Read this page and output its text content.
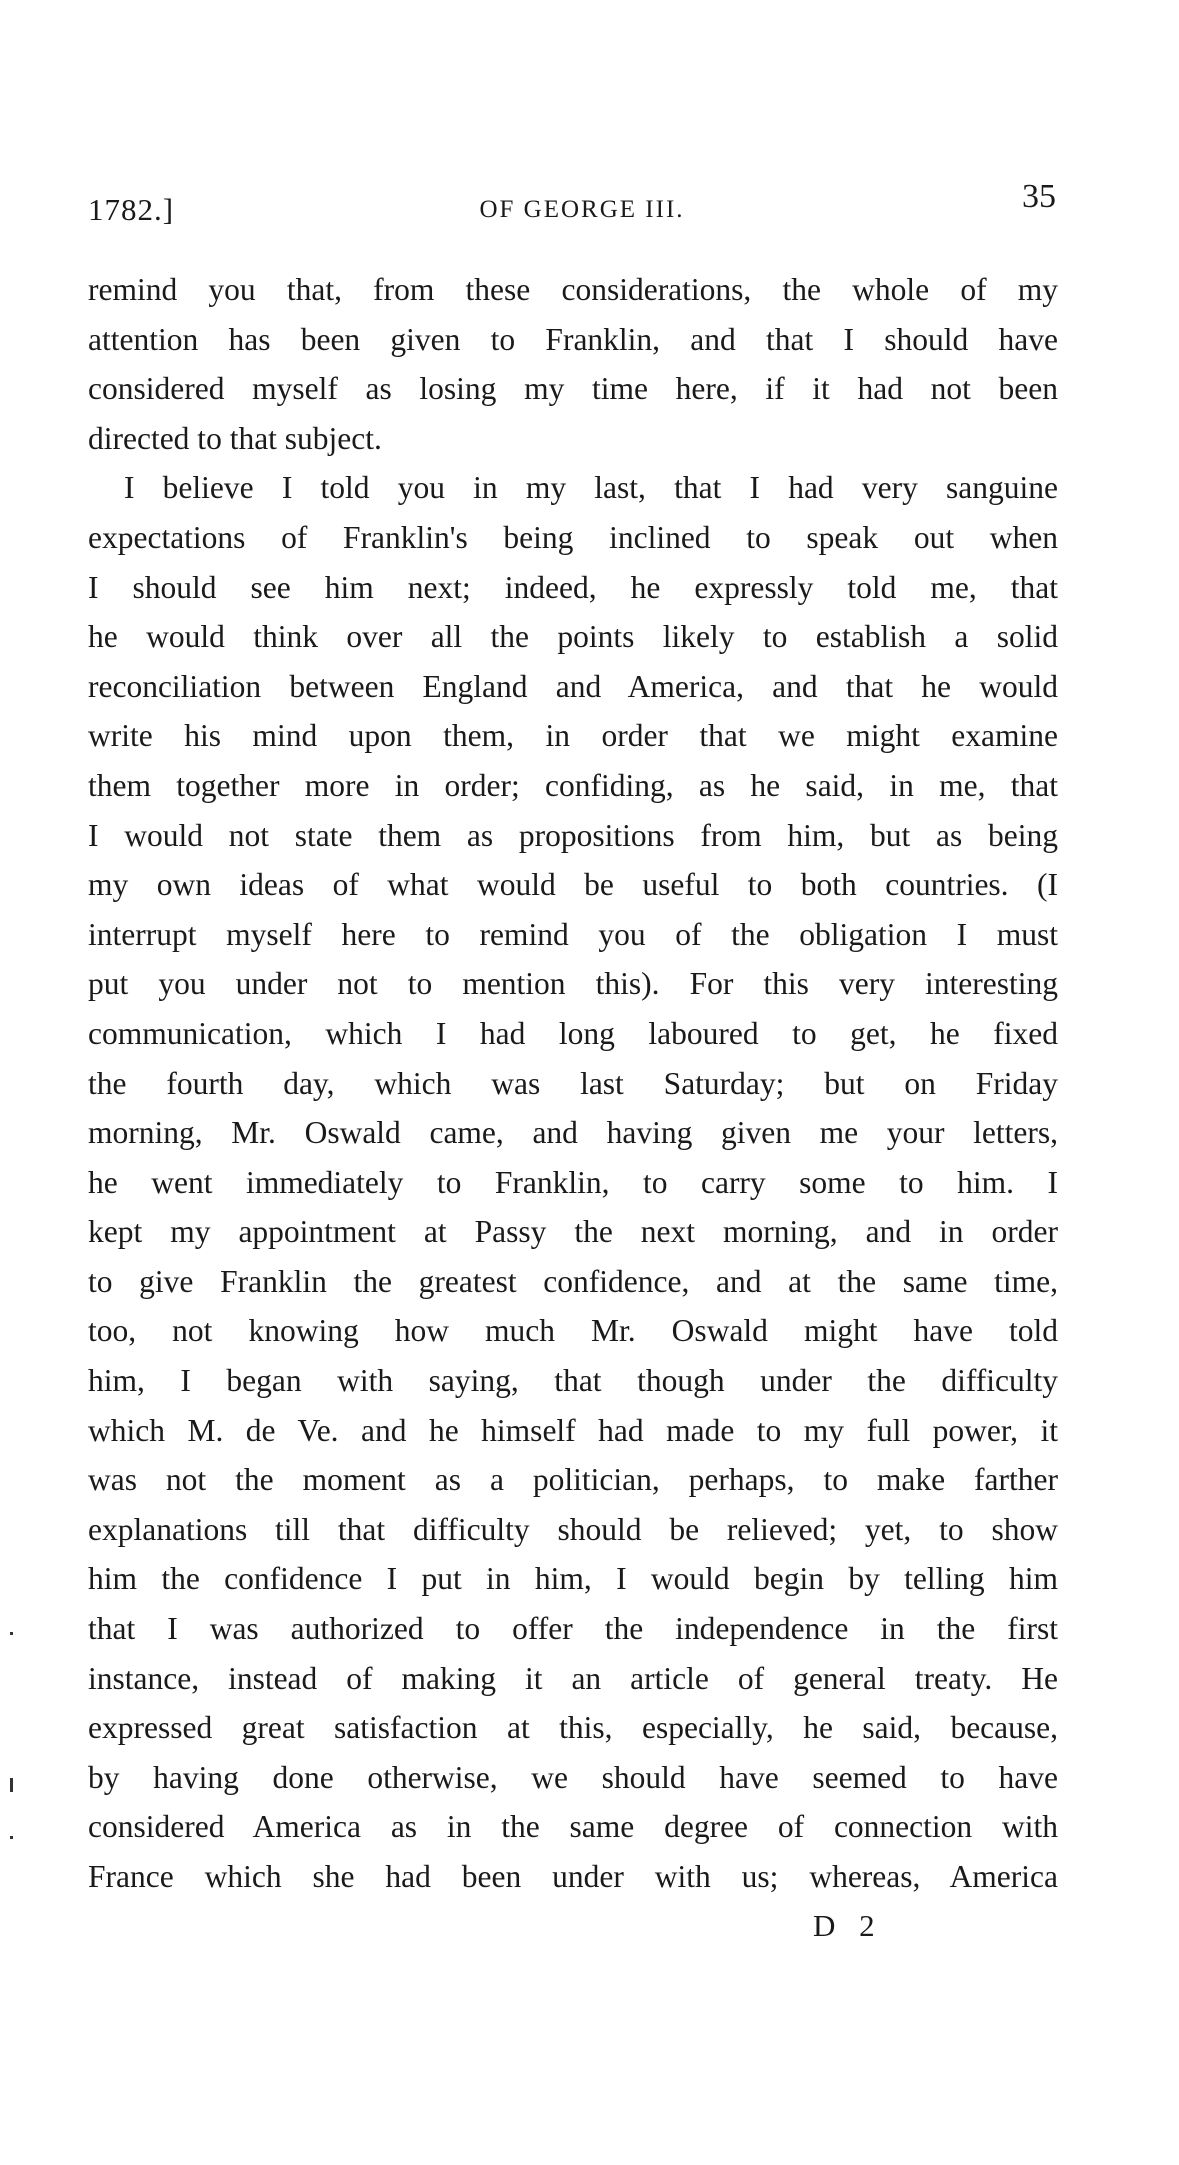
1782.]	OF GEORGE III.	35
remind you that, from these considerations, the whole of my
attention has been given to Franklin, and that I should have
considered myself as losing my time here, if it had not been
directed to that subject.
I believe I told you in my last, that I had very sanguine
expectations of Franklin's being inclined to speak out when
I should see him next; indeed, he expressly told me, that
he would think over all the points likely to establish a solid
reconciliation between England and America, and that he would
write his mind upon them, in order that we might examine
them together more in order; confiding, as he said, in me, that
I would not state them as propositions from him, but as being
my own ideas of what would be useful to both countries. (I
interrupt myself here to remind you of the obligation I must
put you under not to mention this). For this very interesting
communication, which I had long laboured to get, he fixed
the fourth day, which was last Saturday; but on Friday
morning, Mr. Oswald came, and having given me your letters,
he went immediately to Franklin, to carry some to him. I
kept my appointment at Passy the next morning, and in order
to give Franklin the greatest confidence, and at the same time,
too, not knowing how much Mr. Oswald might have told
him, I began with saying, that though under the difficulty
which M. de Ve. and he himself had made to my full power, it
was not the moment as a politician, perhaps, to make farther
explanations till that difficulty should be relieved; yet, to show
him the confidence I put in him, I would begin by telling him
that I was authorized to offer the independence in the first
instance, instead of making it an article of general treaty. He
expressed great satisfaction at this, especially, he said, because,
by having done otherwise, we should have seemed to have
considered America as in the same degree of connection with
France which she had been under with us; whereas, America
D 2
